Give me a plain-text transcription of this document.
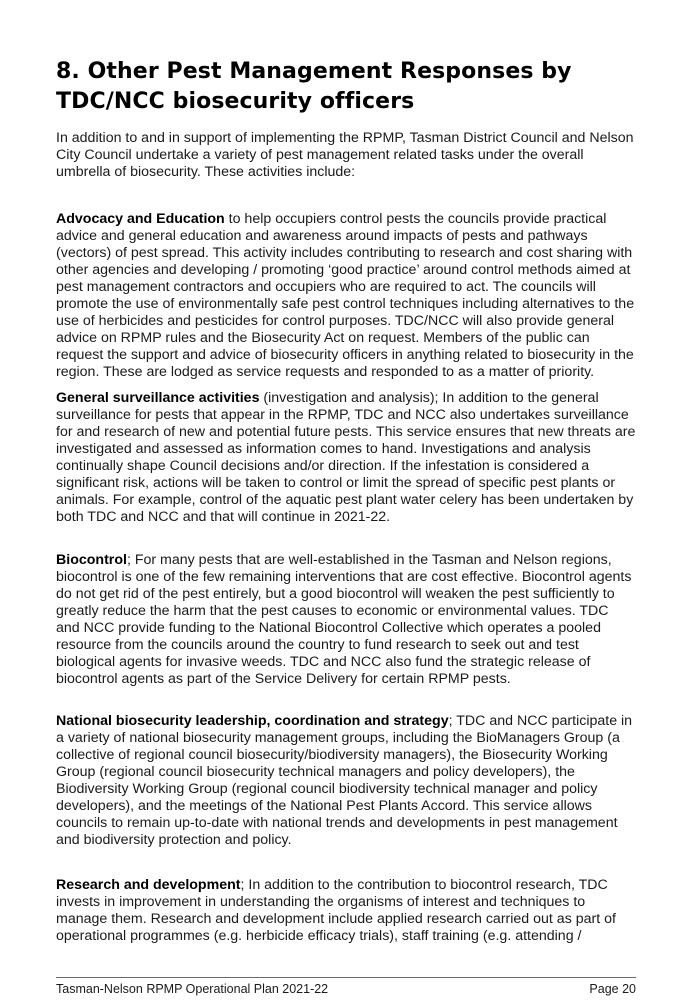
8. Other Pest Management Responses by TDC/NCC biosecurity officers

In addition to and in support of implementing the RPMP, Tasman District Council and Nelson City Council undertake a variety of pest management related tasks under the overall umbrella of biosecurity. These activities include:

Advocacy and Education to help occupiers control pests the councils provide practical advice and general education and awareness around impacts of pests and pathways (vectors) of pest spread. This activity includes contributing to research and cost sharing with other agencies and developing / promoting ‘good practice’ around control methods aimed at pest management contractors and occupiers who are required to act. The councils will promote the use of environmentally safe pest control techniques including alternatives to the use of herbicides and pesticides for control purposes. TDC/NCC will also provide general advice on RPMP rules and the Biosecurity Act on request. Members of the public can request the support and advice of biosecurity officers in anything related to biosecurity in the region. These are lodged as service requests and responded to as a matter of priority.

General surveillance activities (investigation and analysis); In addition to the general surveillance for pests that appear in the RPMP, TDC and NCC also undertakes surveillance for and research of new and potential future pests. This service ensures that new threats are investigated and assessed as information comes to hand. Investigations and analysis continually shape Council decisions and/or direction. If the infestation is considered a significant risk, actions will be taken to control or limit the spread of specific pest plants or animals. For example, control of the aquatic pest plant water celery has been undertaken by both TDC and NCC and that will continue in 2021-22.

Biocontrol; For many pests that are well-established in the Tasman and Nelson regions, biocontrol is one of the few remaining interventions that are cost effective. Biocontrol agents do not get rid of the pest entirely, but a good biocontrol will weaken the pest sufficiently to greatly reduce the harm that the pest causes to economic or environmental values. TDC and NCC provide funding to the National Biocontrol Collective which operates a pooled resource from the councils around the country to fund research to seek out and test biological agents for invasive weeds. TDC and NCC also fund the strategic release of biocontrol agents as part of the Service Delivery for certain RPMP pests.

National biosecurity leadership, coordination and strategy; TDC and NCC participate in a variety of national biosecurity management groups, including the BioManagers Group (a collective of regional council biosecurity/biodiversity managers), the Biosecurity Working Group (regional council biosecurity technical managers and policy developers), the Biodiversity Working Group (regional council biodiversity technical manager and policy developers), and the meetings of the National Pest Plants Accord. This service allows councils to remain up-to-date with national trends and developments in pest management and biodiversity protection and policy.

Research and development; In addition to the contribution to biocontrol research, TDC invests in improvement in understanding the organisms of interest and techniques to manage them. Research and development include applied research carried out as part of operational programmes (e.g. herbicide efficacy trials), staff training (e.g. attending /

Tasman-Nelson RPMP Operational Plan 2021-22	Page 20
